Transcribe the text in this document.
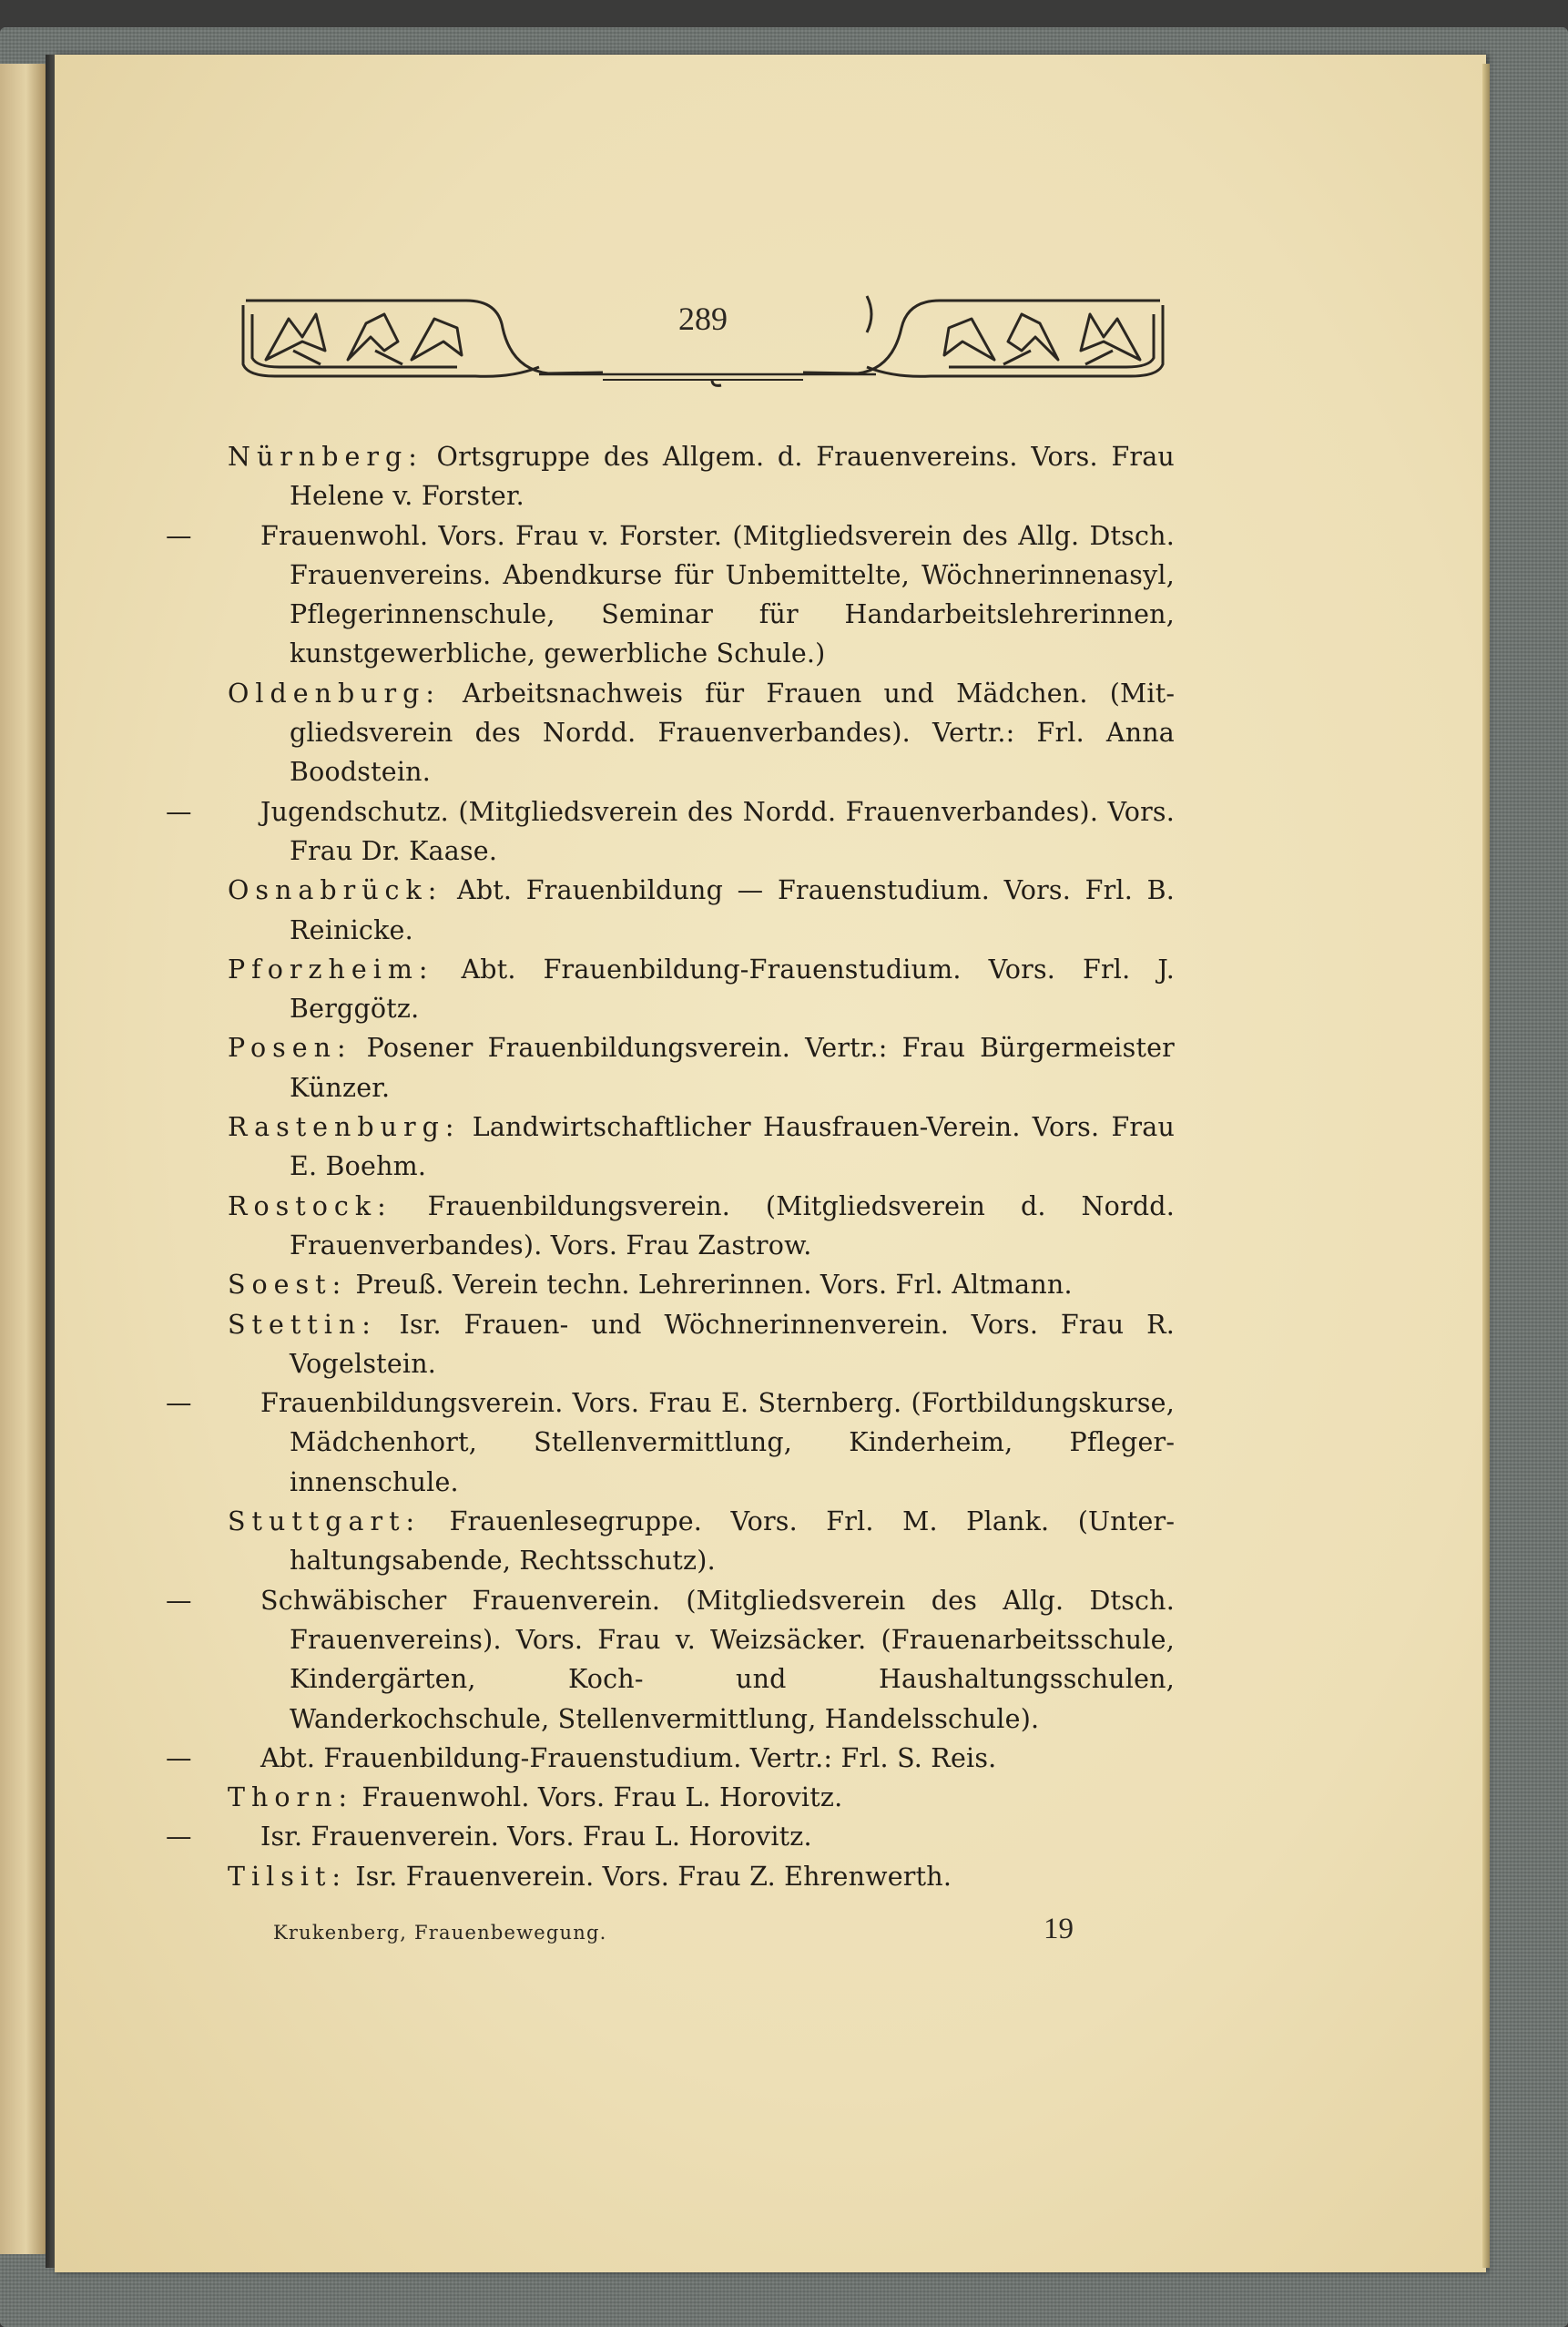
289
Nürnberg: Ortsgruppe des Allgem. d. Frauenvereins. Vors. Frau Helene v. Forster.
—	Frauenwohl. Vors. Frau v. Forster. (Mitgliedsverein des Allg. Dtsch. Frauenvereins. Abendkurse für Unbemittelte, Wöchnerinnenasyl, Pflegerinnenschule, Seminar für Handarbeitslehrerinnen, kunstgewerbliche, gewerbliche Schule.)
Oldenburg: Arbeitsnachweis für Frauen und Mädchen. (Mitgliedsverein des Nordd. Frauenverbandes). Vertr.: Frl. Anna Boodstein.
—	Jugendschutz. (Mitgliedsverein des Nordd. Frauenverbandes). Vors. Frau Dr. Kaase.
Osnabrück: Abt. Frauenbildung — Frauenstudium. Vors. Frl. B. Reinicke.
Pforzheim: Abt. Frauenbildung-Frauenstudium. Vors. Frl. J. Berggötz.
Posen: Posener Frauenbildungsverein. Vertr.: Frau Bürgermeister Künzer.
Rastenburg: Landwirtschaftlicher Hausfrauen-Verein. Vors. Frau E. Boehm.
Rostock: Frauenbildungsverein. (Mitgliedsverein d. Nordd. Frauenverbandes). Vors. Frau Zastrow.
Soest: Preuß. Verein techn. Lehrerinnen. Vors. Frl. Altmann.
Stettin: Isr. Frauen- und Wöchnerinnenverein. Vors. Frau R. Vogelstein.
—	Frauenbildungsverein. Vors. Frau E. Sternberg. (Fortbildungskurse, Mädchenhort, Stellenvermittlung, Kinderheim, Pflegerinnenschule.
Stuttgart: Frauenlesegruppe. Vors. Frl. M. Plank. (Unterhaltungsabende, Rechtsschutz).
—	Schwäbischer Frauenverein. (Mitgliedsverein des Allg. Dtsch. Frauenvereins). Vors. Frau v. Weizsäcker. (Frauenarbeitsschule, Kindergärten, Koch- und Haushaltungsschulen, Wanderkochschule, Stellenvermittlung, Handelsschule).
—	Abt. Frauenbildung-Frauenstudium. Vertr.: Frl. S. Reis.
Thorn: Frauenwohl. Vors. Frau L. Horovitz.
—	Isr. Frauenverein. Vors. Frau L. Horovitz.
Tilsit: Isr. Frauenverein. Vors. Frau Z. Ehrenwerth.
Krukenberg, Frauenbewegung.	19
